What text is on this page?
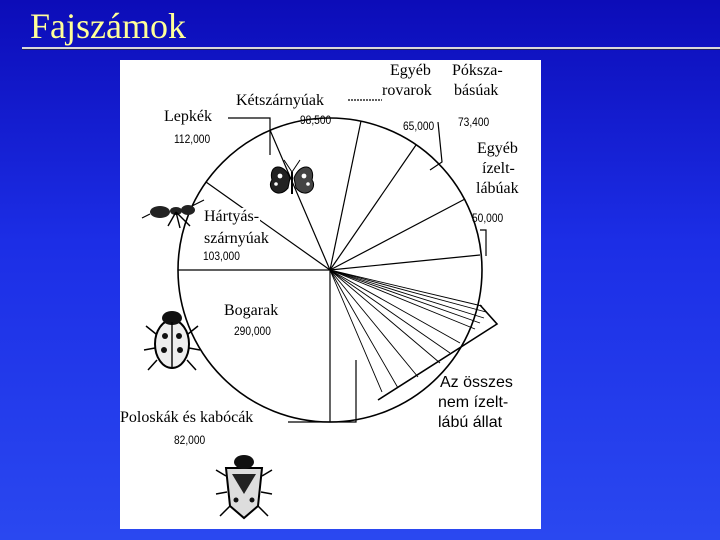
Fajszámok
Egyéb
rovarok
Póksza-
básúak
Kétszárnyúak
98,500
Lepkék
112,000
65,000 73,400
Egyéb
ízelt-
lábúak
50,000
Hártyás-
szárnyúak
103,000
Bogarak
290,000
Poloskák és kabócák
82,000
Az összes
nem ízelt-
lábú állat
